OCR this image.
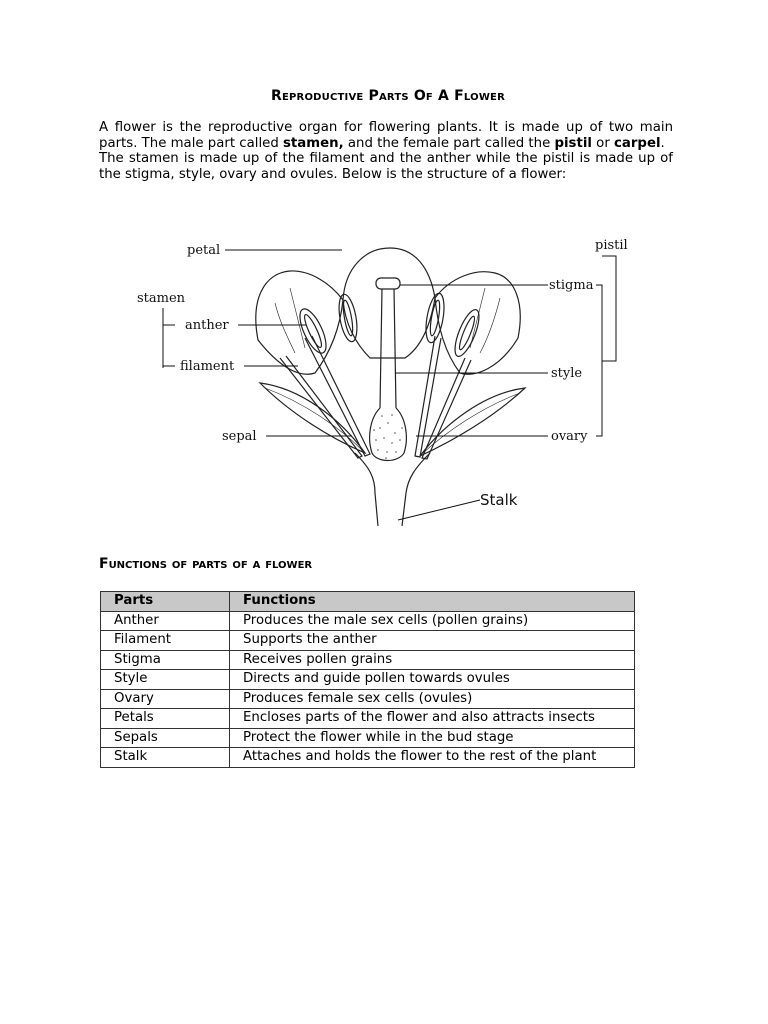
Reproductive Parts Of A Flower

A flower is the reproductive organ for flowering plants. It is made up of two main parts. The male part called stamen, and the female part called the pistil or carpel.

The stamen is made up of the filament and the anther while the pistil is made up of the stigma, style, ovary and ovules. Below is the structure of a flower:

petal
stamen
anther
filament
sepal
pistil
stigma
style
ovary
Stalk
Functions of parts of a flower
Parts	Functions
Anther	Produces the male sex cells (pollen grains)
Filament	Supports the anther
Stigma	Receives pollen grains
Style	Directs and guide pollen towards ovules
Ovary	Produces female sex cells (ovules)
Petals	Encloses parts of the flower and also attracts insects
Sepals	Protect the flower while in the bud stage
Stalk	Attaches and holds the flower to the rest of the plant
